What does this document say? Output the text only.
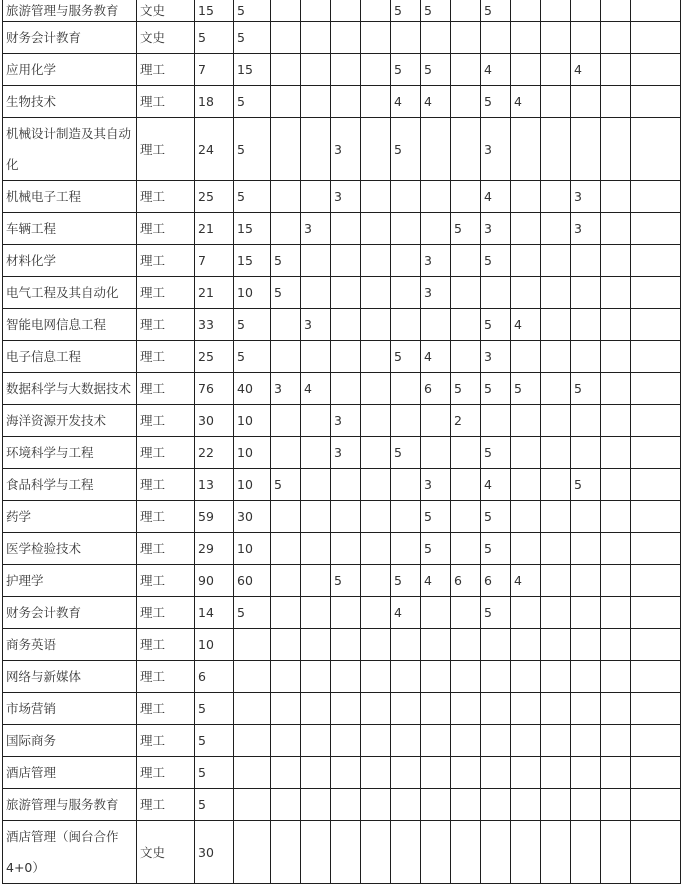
旅游管理与服务教育	文史	15	5					5	5		5					
财务会计教育	文史	5	5													
应用化学	理工	7	15					5	5		4			4		
生物技术	理工	18	5					4	4		5	4				
机械设计制造及其自动化	理工	24	5			3		5			3					
机械电子工程	理工	25	5			3					4			3		
车辆工程	理工	21	15		3					5	3			3		
材料化学	理工	7	15	5					3		5					
电气工程及其自动化	理工	21	10	5					3							
智能电网信息工程	理工	33	5		3						5	4				
电子信息工程	理工	25	5					5	4		3					
数据科学与大数据技术	理工	76	40	3	4				6	5	5	5		5		
海洋资源开发技术	理工	30	10			3				2						
环境科学与工程	理工	22	10			3		5			5					
食品科学与工程	理工	13	10	5					3		4			5		
药学	理工	59	30						5		5					
医学检验技术	理工	29	10						5		5					
护理学	理工	90	60			5		5	4	6	6	4				
财务会计教育	理工	14	5					4			5					
商务英语	理工	10														
网络与新媒体	理工	6														
市场营销	理工	5														
国际商务	理工	5														
酒店管理	理工	5														
旅游管理与服务教育	理工	5														
酒店管理（闽台合作4+0）	文史	30														
